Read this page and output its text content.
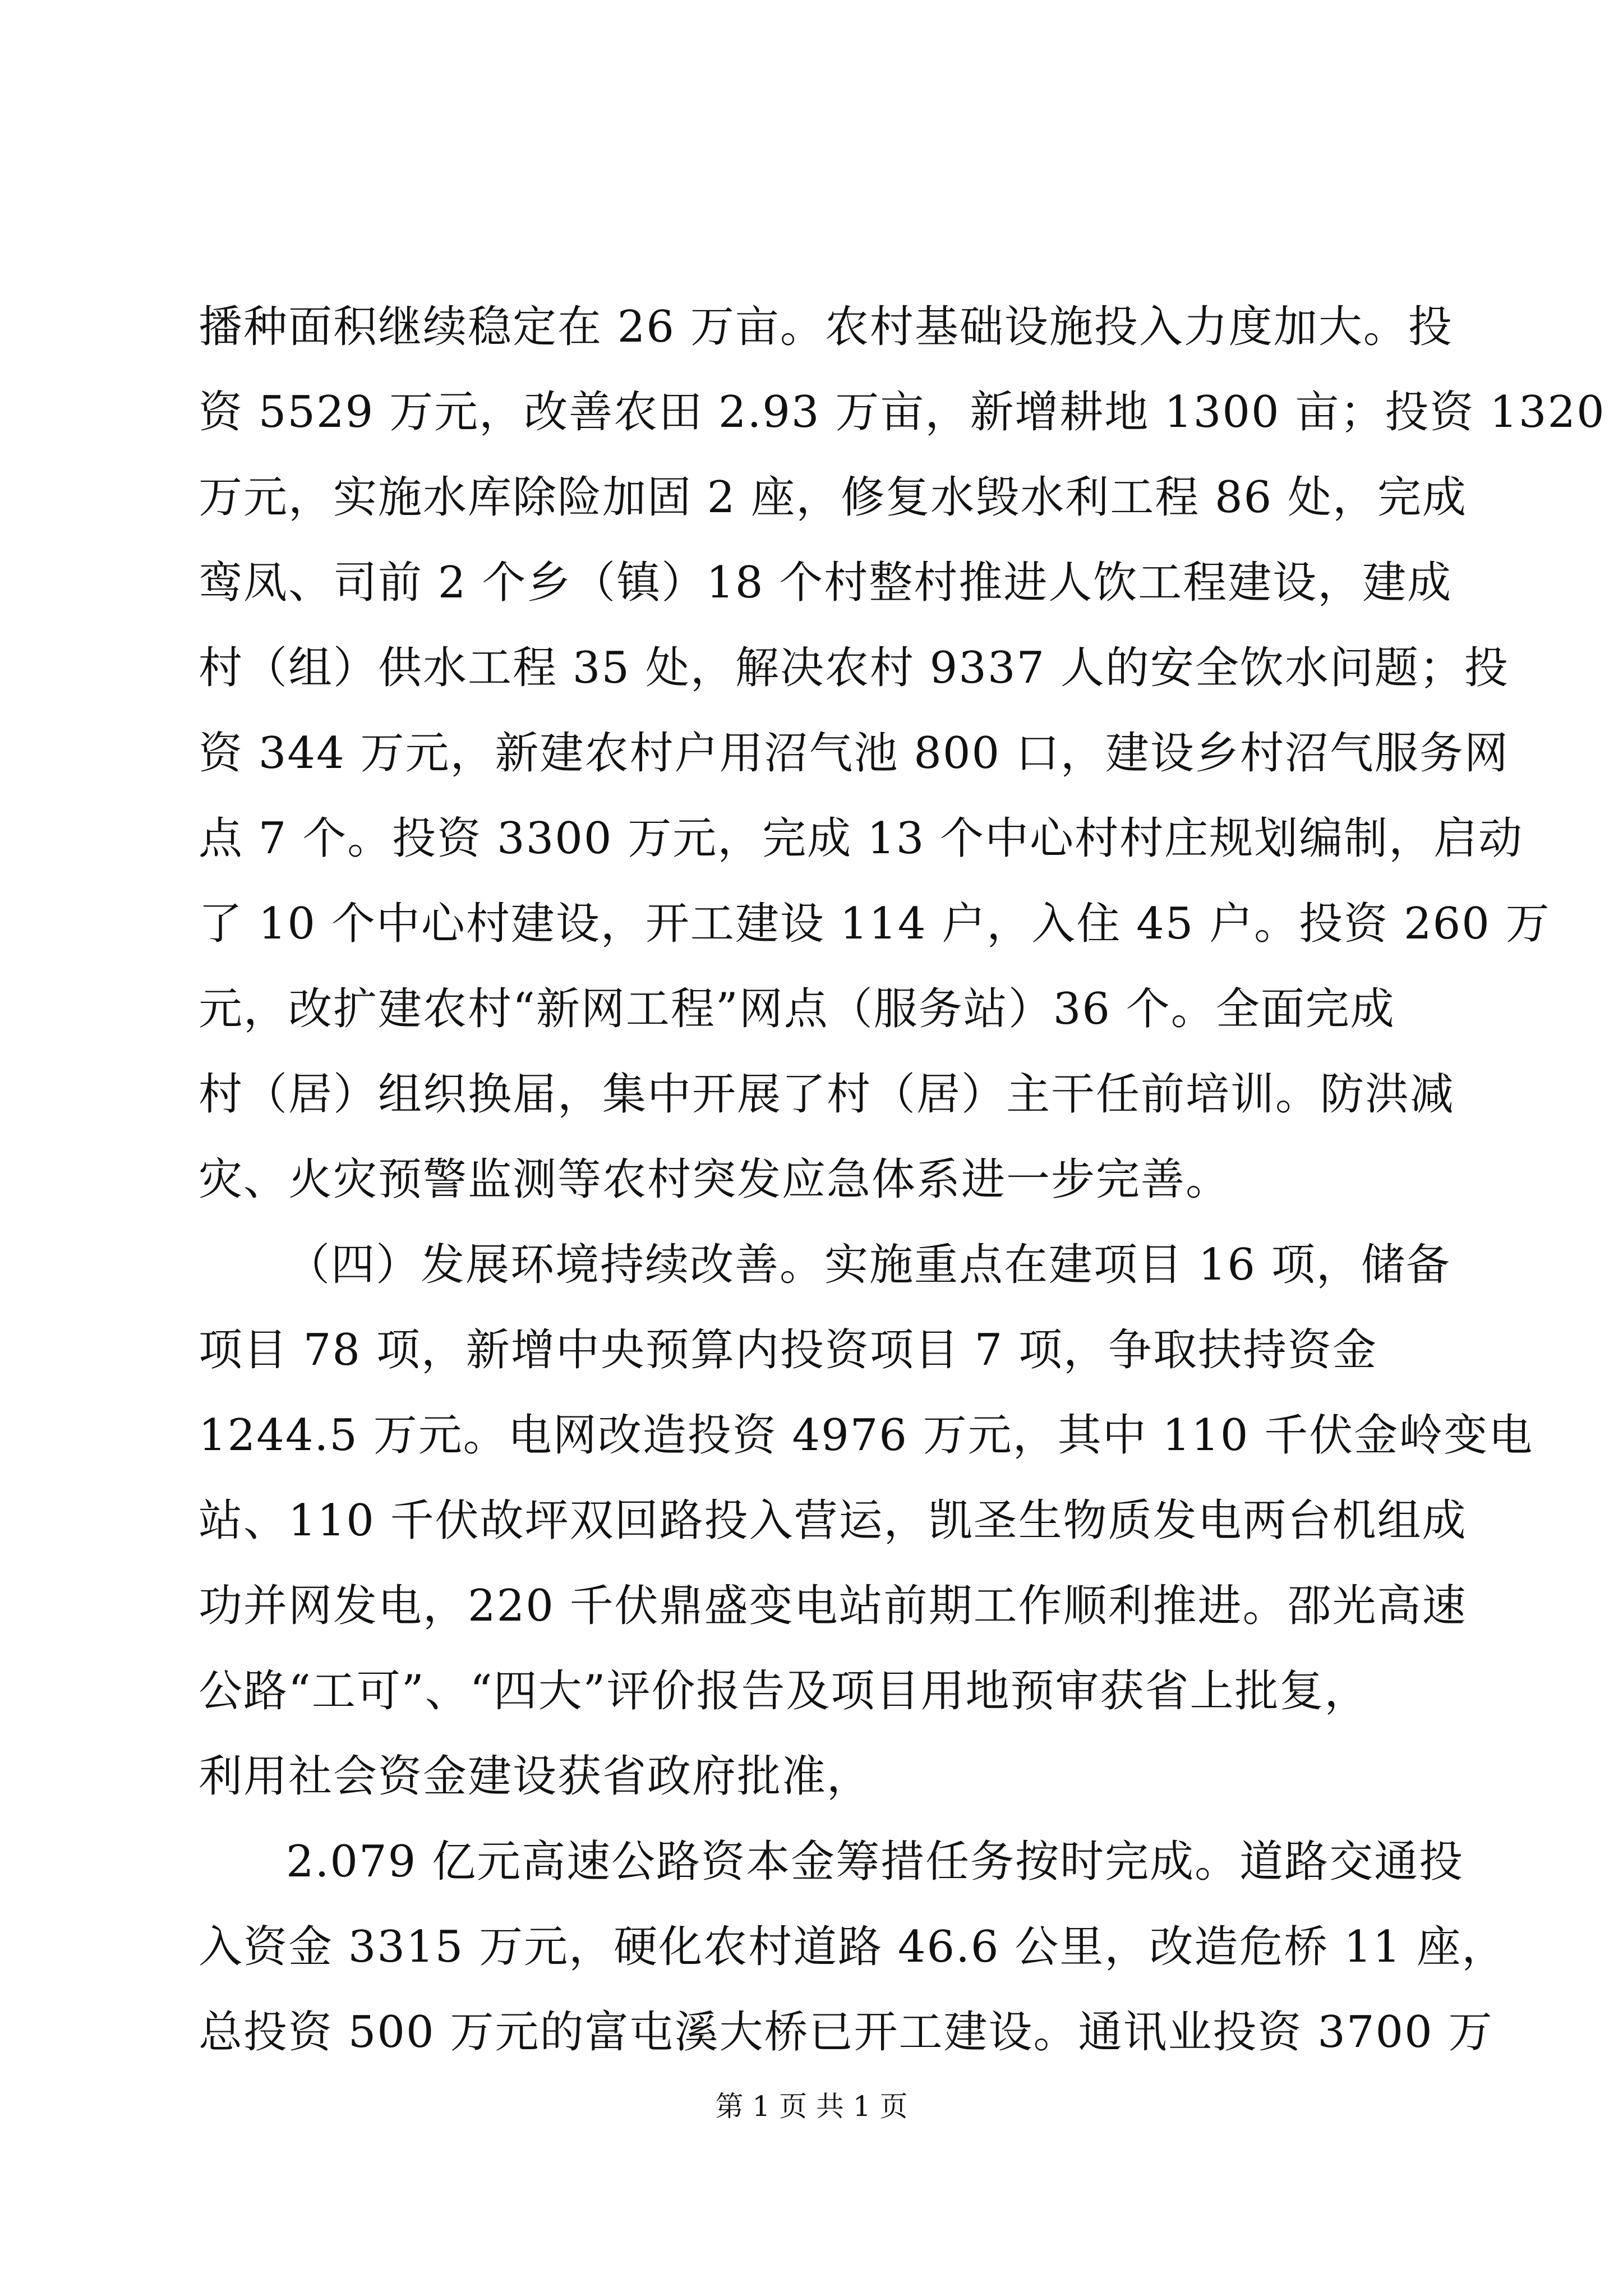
播种面积继续稳定在 26 万亩。农村基础设施投入力度加大。投
资 5529 万元，改善农田 2.93 万亩，新增耕地 1300 亩；投资 1320
万元，实施水库除险加固 2 座，修复水毁水利工程 86 处，完成
鸾凤、司前 2 个乡（镇）18 个村整村推进人饮工程建设，建成
村（组）供水工程 35 处，解决农村 9337 人的安全饮水问题；投
资 344 万元，新建农村户用沼气池 800 口，建设乡村沼气服务网
点 7 个。投资 3300 万元，完成 13 个中心村村庄规划编制，启动
了 10 个中心村建设，开工建设 114 户，入住 45 户。投资 260 万
元，改扩建农村“新网工程”网点（服务站）36 个。全面完成
村（居）组织换届，集中开展了村（居）主干任前培训。防洪减
灾、火灾预警监测等农村突发应急体系进一步完善。
（四）发展环境持续改善。实施重点在建项目 16 项，储备
项目 78 项，新增中央预算内投资项目 7 项，争取扶持资金
1244.5 万元。电网改造投资 4976 万元，其中 110 千伏金岭变电
站、110 千伏故坪双回路投入营运，凯圣生物质发电两台机组成
功并网发电，220 千伏鼎盛变电站前期工作顺利推进。邵光高速
公路“工可”、“四大”评价报告及项目用地预审获省上批复，
利用社会资金建设获省政府批准，
2.079 亿元高速公路资本金筹措任务按时完成。道路交通投
入资金 3315 万元，硬化农村道路 46.6 公里，改造危桥 11 座，
总投资 500 万元的富屯溪大桥已开工建设。通讯业投资 3700 万
第 1 页 共 1 页
